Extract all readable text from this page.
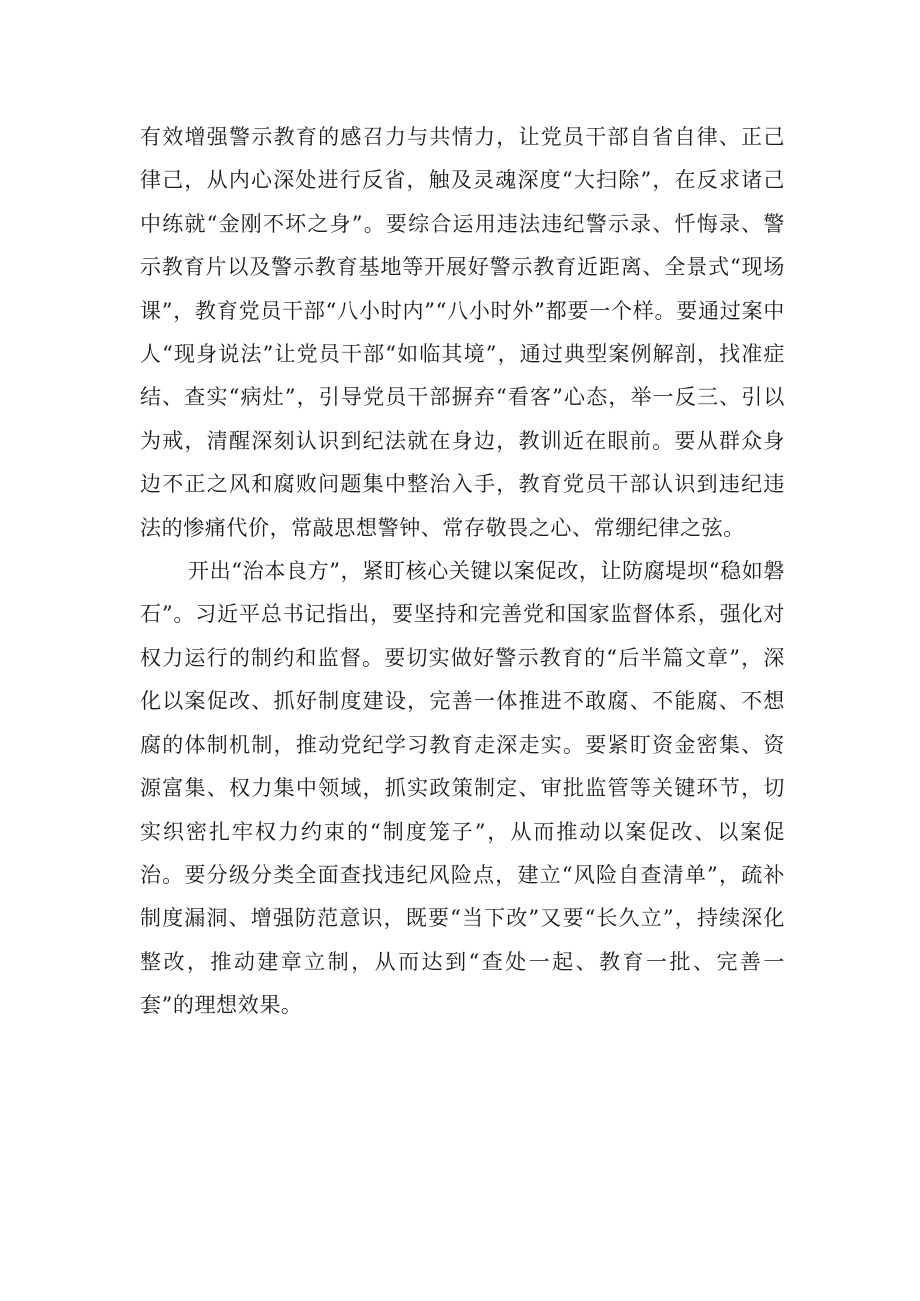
有效增强警示教育的感召力与共情力，让党员干部自省自律、正己律己，从内心深处进行反省，触及灵魂深度“大扫除”，在反求诸己中练就“金刚不坏之身”。要综合运用违法违纪警示录、忏悔录、警示教育片以及警示教育基地等开展好警示教育近距离、全景式“现场课”，教育党员干部“八小时内”“八小时外”都要一个样。要通过案中人“现身说法”让党员干部“如临其境”，通过典型案例解剖，找准症结、查实“病灶”，引导党员干部摒弃“看客”心态，举一反三、引以为戒，清醒深刻认识到纪法就在身边，教训近在眼前。要从群众身边不正之风和腐败问题集中整治入手，教育党员干部认识到违纪违法的惨痛代价，常敲思想警钟、常存敬畏之心、常绷纪律之弦。

开出“治本良方”，紧盯核心关键以案促改，让防腐堤坝“稳如磐石”。习近平总书记指出，要坚持和完善党和国家监督体系，强化对权力运行的制约和监督。要切实做好警示教育的“后半篇文章”，深化以案促改、抓好制度建设，完善一体推进不敢腐、不能腐、不想腐的体制机制，推动党纪学习教育走深走实。要紧盯资金密集、资源富集、权力集中领域，抓实政策制定、审批监管等关键环节，切实织密扎牢权力约束的“制度笼子”，从而推动以案促改、以案促治。要分级分类全面查找违纪风险点，建立“风险自查清单”，疏补制度漏洞、增强防范意识，既要“当下改”又要“长久立”，持续深化整改，推动建章立制，从而达到“查处一起、教育一批、完善一套”的理想效果。
